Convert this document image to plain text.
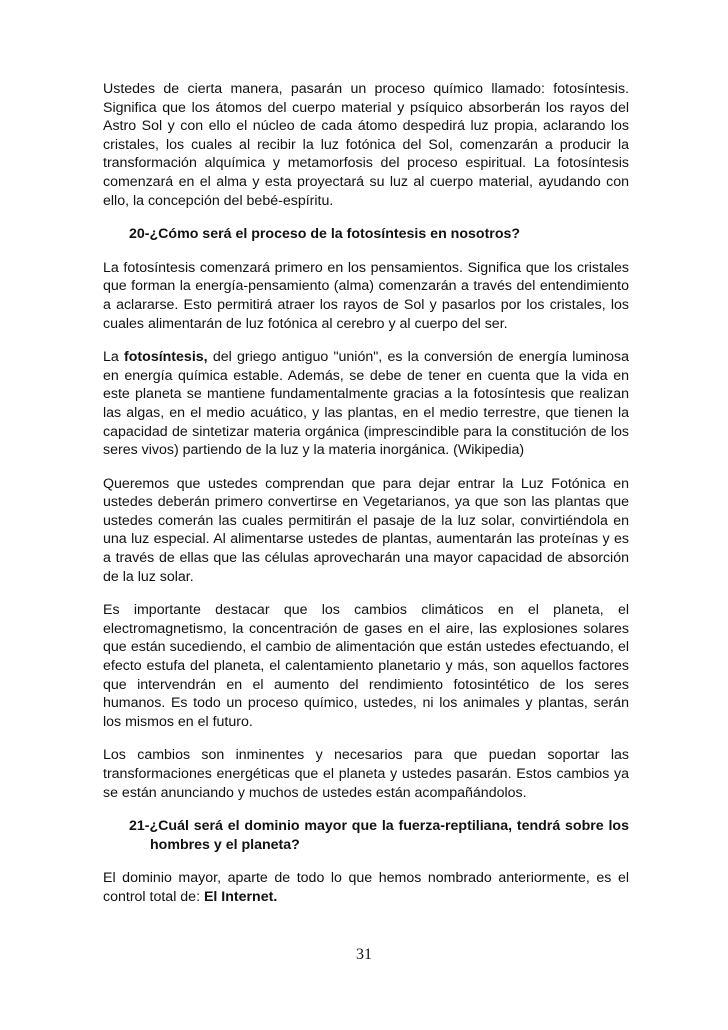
Ustedes de cierta manera, pasarán un proceso químico llamado: fotosíntesis. Significa que los átomos del cuerpo material y psíquico absorberán los rayos del Astro Sol y con ello el núcleo de cada átomo despedirá luz propia, aclarando los cristales, los cuales al recibir la luz fotónica del Sol, comenzarán a producir la transformación alquímica y metamorfosis del proceso espiritual. La fotosíntesis comenzará en el alma y esta proyectará su luz al cuerpo material, ayudando con ello, la concepción del bebé-espíritu.

20-¿Cómo será el proceso de la fotosíntesis en nosotros?

La fotosíntesis comenzará primero en los pensamientos. Significa que los cristales que forman la energía-pensamiento (alma) comenzarán a través del entendimiento a aclararse. Esto permitirá atraer los rayos de Sol y pasarlos por los cristales, los cuales alimentarán de luz fotónica al cerebro y al cuerpo del ser.

La fotosíntesis, del griego antiguo "unión", es la conversión de energía luminosa en energía química estable. Además, se debe de tener en cuenta que la vida en este planeta se mantiene fundamentalmente gracias a la fotosíntesis que realizan las algas, en el medio acuático, y las plantas, en el medio terrestre, que tienen la capacidad de sintetizar materia orgánica (imprescindible para la constitución de los seres vivos) partiendo de la luz y la materia inorgánica. (Wikipedia)

Queremos que ustedes comprendan que para dejar entrar la Luz Fotónica en ustedes deberán primero convertirse en Vegetarianos, ya que son las plantas que ustedes comerán las cuales permitirán el pasaje de la luz solar, convirtiéndola en una luz especial. Al alimentarse ustedes de plantas, aumentarán las proteínas y es a través de ellas que las células aprovecharán una mayor capacidad de absorción de la luz solar.

Es importante destacar que los cambios climáticos en el planeta, el electromagnetismo, la concentración de gases en el aire, las explosiones solares que están sucediendo, el cambio de alimentación que están ustedes efectuando, el efecto estufa del planeta, el calentamiento planetario y más, son aquellos factores que intervendrán en el aumento del rendimiento fotosintético de los seres humanos. Es todo un proceso químico, ustedes, ni los animales y plantas, serán los mismos en el futuro.

Los cambios son inminentes y necesarios para que puedan soportar las transformaciones energéticas que el planeta y ustedes pasarán. Estos cambios ya se están anunciando y muchos de ustedes están acompañándolos.

21-¿Cuál será el dominio mayor que la fuerza-reptiliana, tendrá sobre los hombres y el planeta?

El dominio mayor, aparte de todo lo que hemos nombrado anteriormente, es el control total de: El Internet.

31
